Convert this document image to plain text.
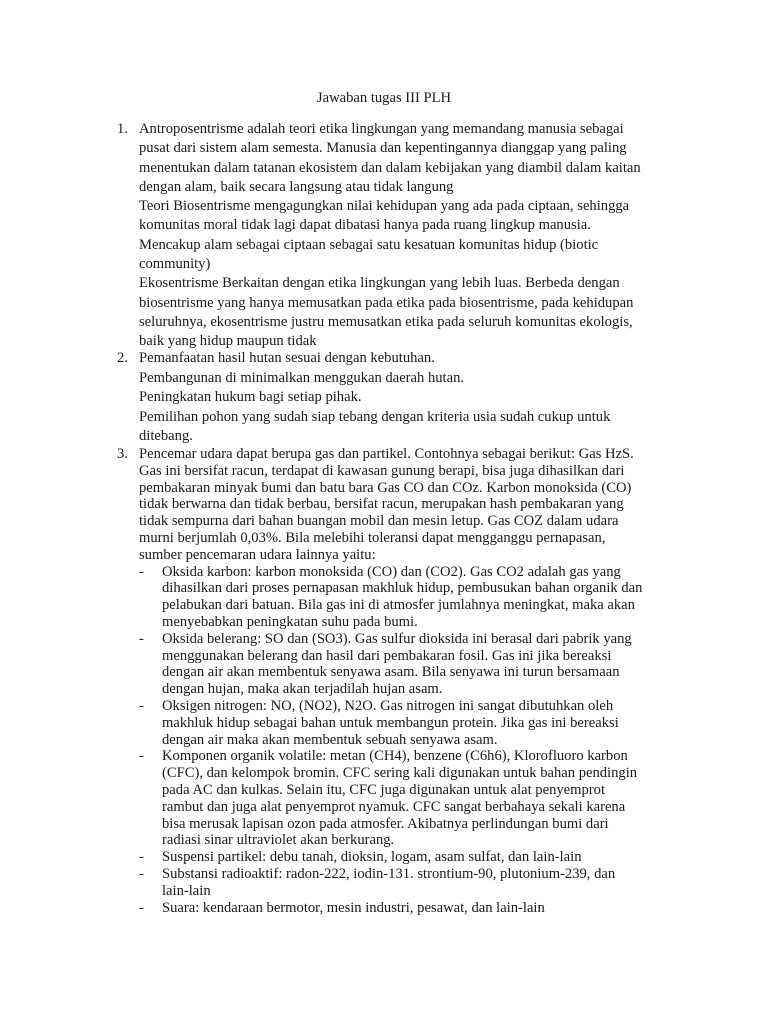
Jawaban tugas III PLH
1. Antroposentrisme adalah teori etika lingkungan yang memandang manusia sebagai
pusat dari sistem alam semesta. Manusia dan kepentingannya dianggap yang paling
menentukan dalam tatanan ekosistem dan dalam kebijakan yang diambil dalam kaitan
dengan alam, baik secara langsung atau tidak langung
Teori Biosentrisme mengagungkan nilai kehidupan yang ada pada ciptaan, sehingga
komunitas moral tidak lagi dapat dibatasi hanya pada ruang lingkup manusia.
Mencakup alam sebagai ciptaan sebagai satu kesatuan komunitas hidup (biotic
community)
Ekosentrisme Berkaitan dengan etika lingkungan yang lebih luas. Berbeda dengan
biosentrisme yang hanya memusatkan pada etika pada biosentrisme, pada kehidupan
seluruhnya, ekosentrisme justru memusatkan etika pada seluruh komunitas ekologis,
baik yang hidup maupun tidak
2. Pemanfaatan hasil hutan sesuai dengan kebutuhan.
Pembangunan di minimalkan menggukan daerah hutan.
Peningkatan hukum bagi setiap pihak.
Pemilihan pohon yang sudah siap tebang dengan kriteria usia sudah cukup untuk
ditebang.
3. Pencemar udara dapat berupa gas dan partikel. Contohnya sebagai berikut: Gas HzS.
Gas ini bersifat racun, terdapat di kawasan gunung berapi, bisa juga dihasilkan dari
pembakaran minyak bumi dan batu bara Gas CO dan COz. Karbon monoksida (CO)
tidak berwarna dan tidak berbau, bersifat racun, merupakan hash pembakaran yang
tidak sempurna dari bahan buangan mobil dan mesin letup. Gas COZ dalam udara
murni berjumlah 0,03%. Bila melebihi toleransi dapat mengganggu pernapasan,
sumber pencemaran udara lainnya yaitu:
- Oksida karbon: karbon monoksida (CO) dan (CO2). Gas CO2 adalah gas yang
dihasilkan dari proses pernapasan makhluk hidup, pembusukan bahan organik dan
pelabukan dari batuan. Bila gas ini di atmosfer jumlahnya meningkat, maka akan
menyebabkan peningkatan suhu pada bumi.
- Oksida belerang: SO dan (SO3). Gas sulfur dioksida ini berasal dari pabrik yang
menggunakan belerang dan hasil dari pembakaran fosil. Gas ini jika bereaksi
dengan air akan membentuk senyawa asam. Bila senyawa ini turun bersamaan
dengan hujan, maka akan terjadilah hujan asam.
- Oksigen nitrogen: NO, (NO2), N2O. Gas nitrogen ini sangat dibutuhkan oleh
makhluk hidup sebagai bahan untuk membangun protein. Jika gas ini bereaksi
dengan air maka akan membentuk sebuah senyawa asam.
- Komponen organik volatile: metan (CH4), benzene (C6h6), Klorofluoro karbon
(CFC), dan kelompok bromin. CFC sering kali digunakan untuk bahan pendingin
pada AC dan kulkas. Selain itu, CFC juga digunakan untuk alat penyemprot
rambut dan juga alat penyemprot nyamuk. CFC sangat berbahaya sekali karena
bisa merusak lapisan ozon pada atmosfer. Akibatnya perlindungan bumi dari
radiasi sinar ultraviolet akan berkurang.
- Suspensi partikel: debu tanah, dioksin, logam, asam sulfat, dan lain-lain
- Substansi radioaktif: radon-222, iodin-131. strontium-90, plutonium-239, dan
lain-lain
- Suara: kendaraan bermotor, mesin industri, pesawat, dan lain-lain
